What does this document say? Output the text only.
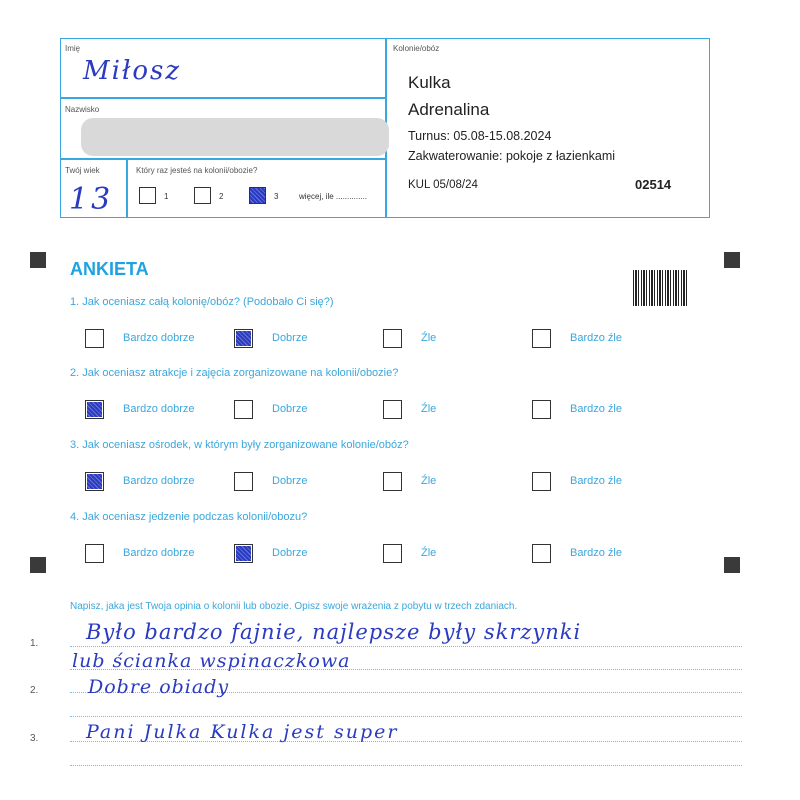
Imię
Miłosz
Nazwisko
Twój wiek
13
Który raz jesteś na kolonii/obozie?
1	2	3	więcej, ile ..............
Kolonie/obóz
Kulka
Adrenalina
Turnus: 05.08-15.08.2024
Zakwaterowanie: pokoje z łazienkami
KUL 05/08/24	02514
ANKIETA
1. Jak oceniasz całą kolonię/obóz? (Podobało Ci się?)
Bardzo dobrze	Dobrze	Źle	Bardzo źle
2. Jak oceniasz atrakcje i zajęcia zorganizowane na kolonii/obozie?
Bardzo dobrze	Dobrze	Źle	Bardzo źle
3. Jak oceniasz ośrodek, w którym były zorganizowane kolonie/obóz?
Bardzo dobrze	Dobrze	Źle	Bardzo źle
4. Jak oceniasz jedzenie podczas kolonii/obozu?
Bardzo dobrze	Dobrze	Źle	Bardzo źle
Napisz, jaka jest Twoja opinia o kolonii lub obozie. Opisz swoje wrażenia z pobytu w trzech zdaniach.
1.
2.
3.
Było bardzo fajnie, najlepsze były skrzynki
lub ścianka wspinaczkowa
Dobre obiady
Pani Julka Kulka jest super
